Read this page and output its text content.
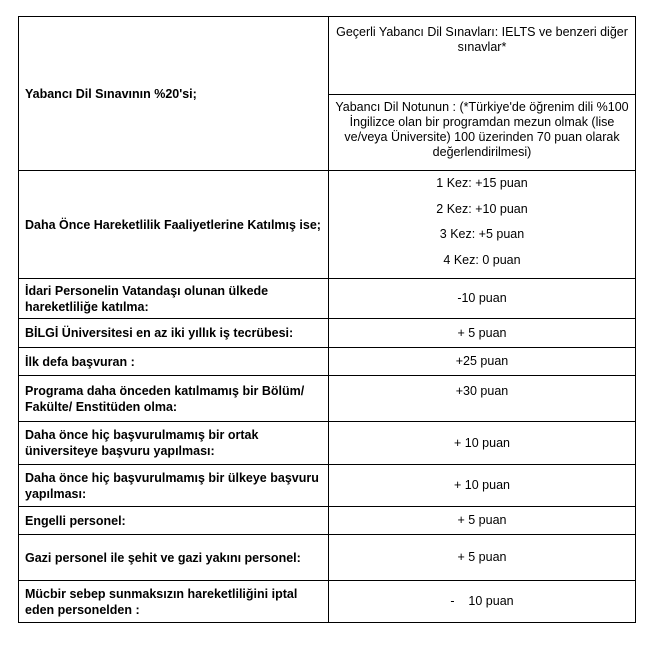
Yabancı Dil Sınavının %20'si;	Geçerli Yabancı Dil Sınavları: IELTS ve benzeri diğer sınavlar*
	Yabancı Dil Notunun : (*Türkiye'de öğrenim dili %100 İngilizce olan bir programdan mezun olmak (lise ve/veya Üniversite) 100 üzerinden 70 puan olarak değerlendirilmesi)
Daha Önce Hareketlilik Faaliyetlerine Katılmış ise;	1 Kez: +15 puan
2 Kez: +10 puan
3 Kez: +5 puan
4 Kez: 0 puan

İdari Personelin Vatandaşı olunan ülkede hareketliliğe katılma:	-10 puan
BİLGİ Üniversitesi en az iki yıllık iş tecrübesi:	+ 5 puan
İlk defa başvuran :	+25 puan
Programa daha önceden katılmamış bir Bölüm/ Fakülte/ Enstitüden olma:	+30 puan
Daha önce hiç başvurulmamış bir ortak üniversiteye başvuru yapılması:	+ 10 puan
Daha önce hiç başvurulmamış bir ülkeye başvuru yapılması:	+ 10 puan
Engelli personel:	+ 5 puan
Gazi personel ile şehit ve gazi yakını personel:	+ 5 puan
Mücbir sebep sunmaksızın hareketliliğini iptal eden personelden :	-    10 puan
